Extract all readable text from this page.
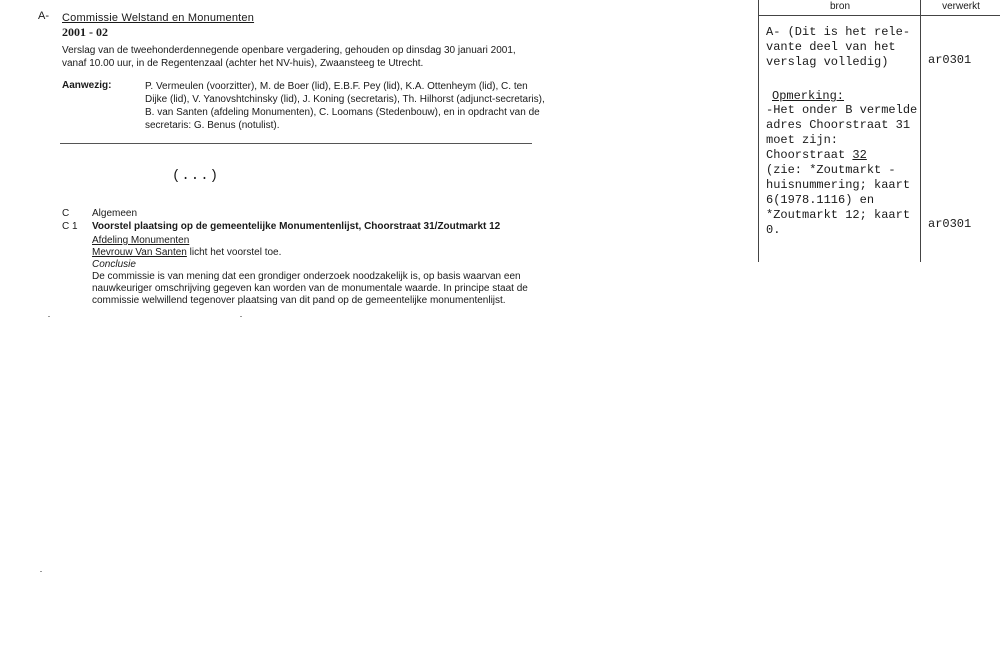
A- Commissie Welstand en Monumenten
2001 - 02
Verslag van de tweehonderdennegende openbare vergadering, gehouden op dinsdag 30 januari 2001, vanaf 10.00 uur, in de Regentenzaal (achter het NV-huis), Zwaansteeg te Utrecht.
Aanwezig:	P. Vermeulen (voorzitter), M. de Boer (lid), E.B.F. Pey (lid), K.A. Ottenheym (lid), C. ten Dijke (lid), V. Yanovshtchinsky (lid), J. Koning (secretaris), Th. Hilhorst (adjunct-secretaris), B. van Santen (afdeling Monumenten), C. Loomans (Stedenbouw), en in opdracht van de secretaris: G. Benus (notulist).
(...)
C Algemeen
C 1 Voorstel plaatsing op de gemeentelijke Monumentenlijst, Choorstraat 31/Zoutmarkt 12
Afdeling Monumenten
Mevrouw Van Santen licht het voorstel toe.
Conclusie
De commissie is van mening dat een grondiger onderzoek noodzakelijk is, op basis waarvan een nauwkeuriger omschrijving gegeven kan worden van de monumentale waarde. In principe staat de commissie welwillend tegenover plaatsing van dit pand op de gemeentelijke monumentenlijst.
bron	verwerkt
A- (Dit is het rele-
vante deel van het
verslag volledig)	ar0301
Opmerking:
-Het onder B vermelde
adres Choorstraat 31
moet zijn:
Choorstraat 32
(zie: *Zoutmarkt -
huisnummering; kaart
6(1978.1116) en
*Zoutmarkt 12; kaart
0.	ar0301
